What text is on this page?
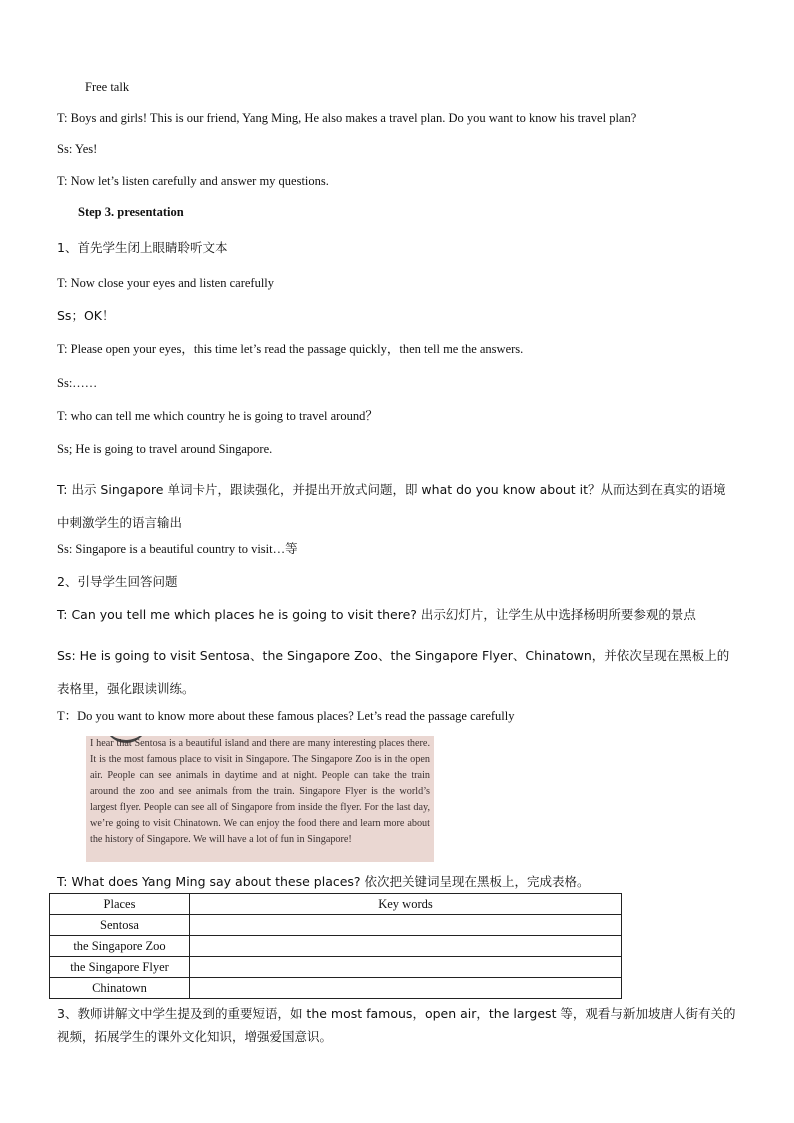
Free talk
T: Boys and girls! This is our friend, Yang Ming, He also makes a travel plan. Do you want to know his travel plan?
Ss: Yes!
T: Now let’s listen carefully and answer my questions.
Step 3. presentation
1、首先学生闭上眼睛聆听文本
T: Now close your eyes and listen carefully
Ss；OK！
T: Please open your eyes，this time let’s read the passage quickly，then tell me the answers.
Ss:……
T: who can tell me which country he is going to travel around？
Ss; He is going to travel around Singapore.
T: 出示 Singapore 单词卡片，跟读强化，并提出开放式问题，即 what do you know about it？从而达到在真实的语境中刺激学生的语言输出
Ss: Singapore is a beautiful country to visit…等
2、引导学生回答问题
T: Can you tell me which places he is going to visit there? 出示幻灯片，让学生从中选择杨明所要参观的景点
Ss: He is going to visit Sentosa、the Singapore Zoo、the Singapore Flyer、Chinatown，并依次呈现在黑板上的表格里，强化跟读训练。
T：Do you want to know more about these famous places? Let’s read the passage carefully

I hear that Sentosa is a beautiful island and there are many interesting places there. It is the most famous place to visit in Singapore. The Singapore Zoo is in the open air. People can see animals in daytime and at night. People can take the train around the zoo and see animals from the train. Singapore Flyer is the world’s largest flyer. People can see all of Singapore from inside the flyer. For the last day, we’re going to visit Chinatown. We can enjoy the food there and learn more about the history of Singapore. We will have a lot of fun in Singapore!

T: What does Yang Ming say about these places? 依次把关键词呈现在黑板上，完成表格。
Places	Key words
Sentosa	
the Singapore Zoo	
the Singapore Flyer	
Chinatown	
3、教师讲解文中学生提及到的重要短语，如 the most famous，open air，the largest 等，观看与新加坡唐人街有关的视频，拓展学生的课外文化知识，增强爱国意识。
